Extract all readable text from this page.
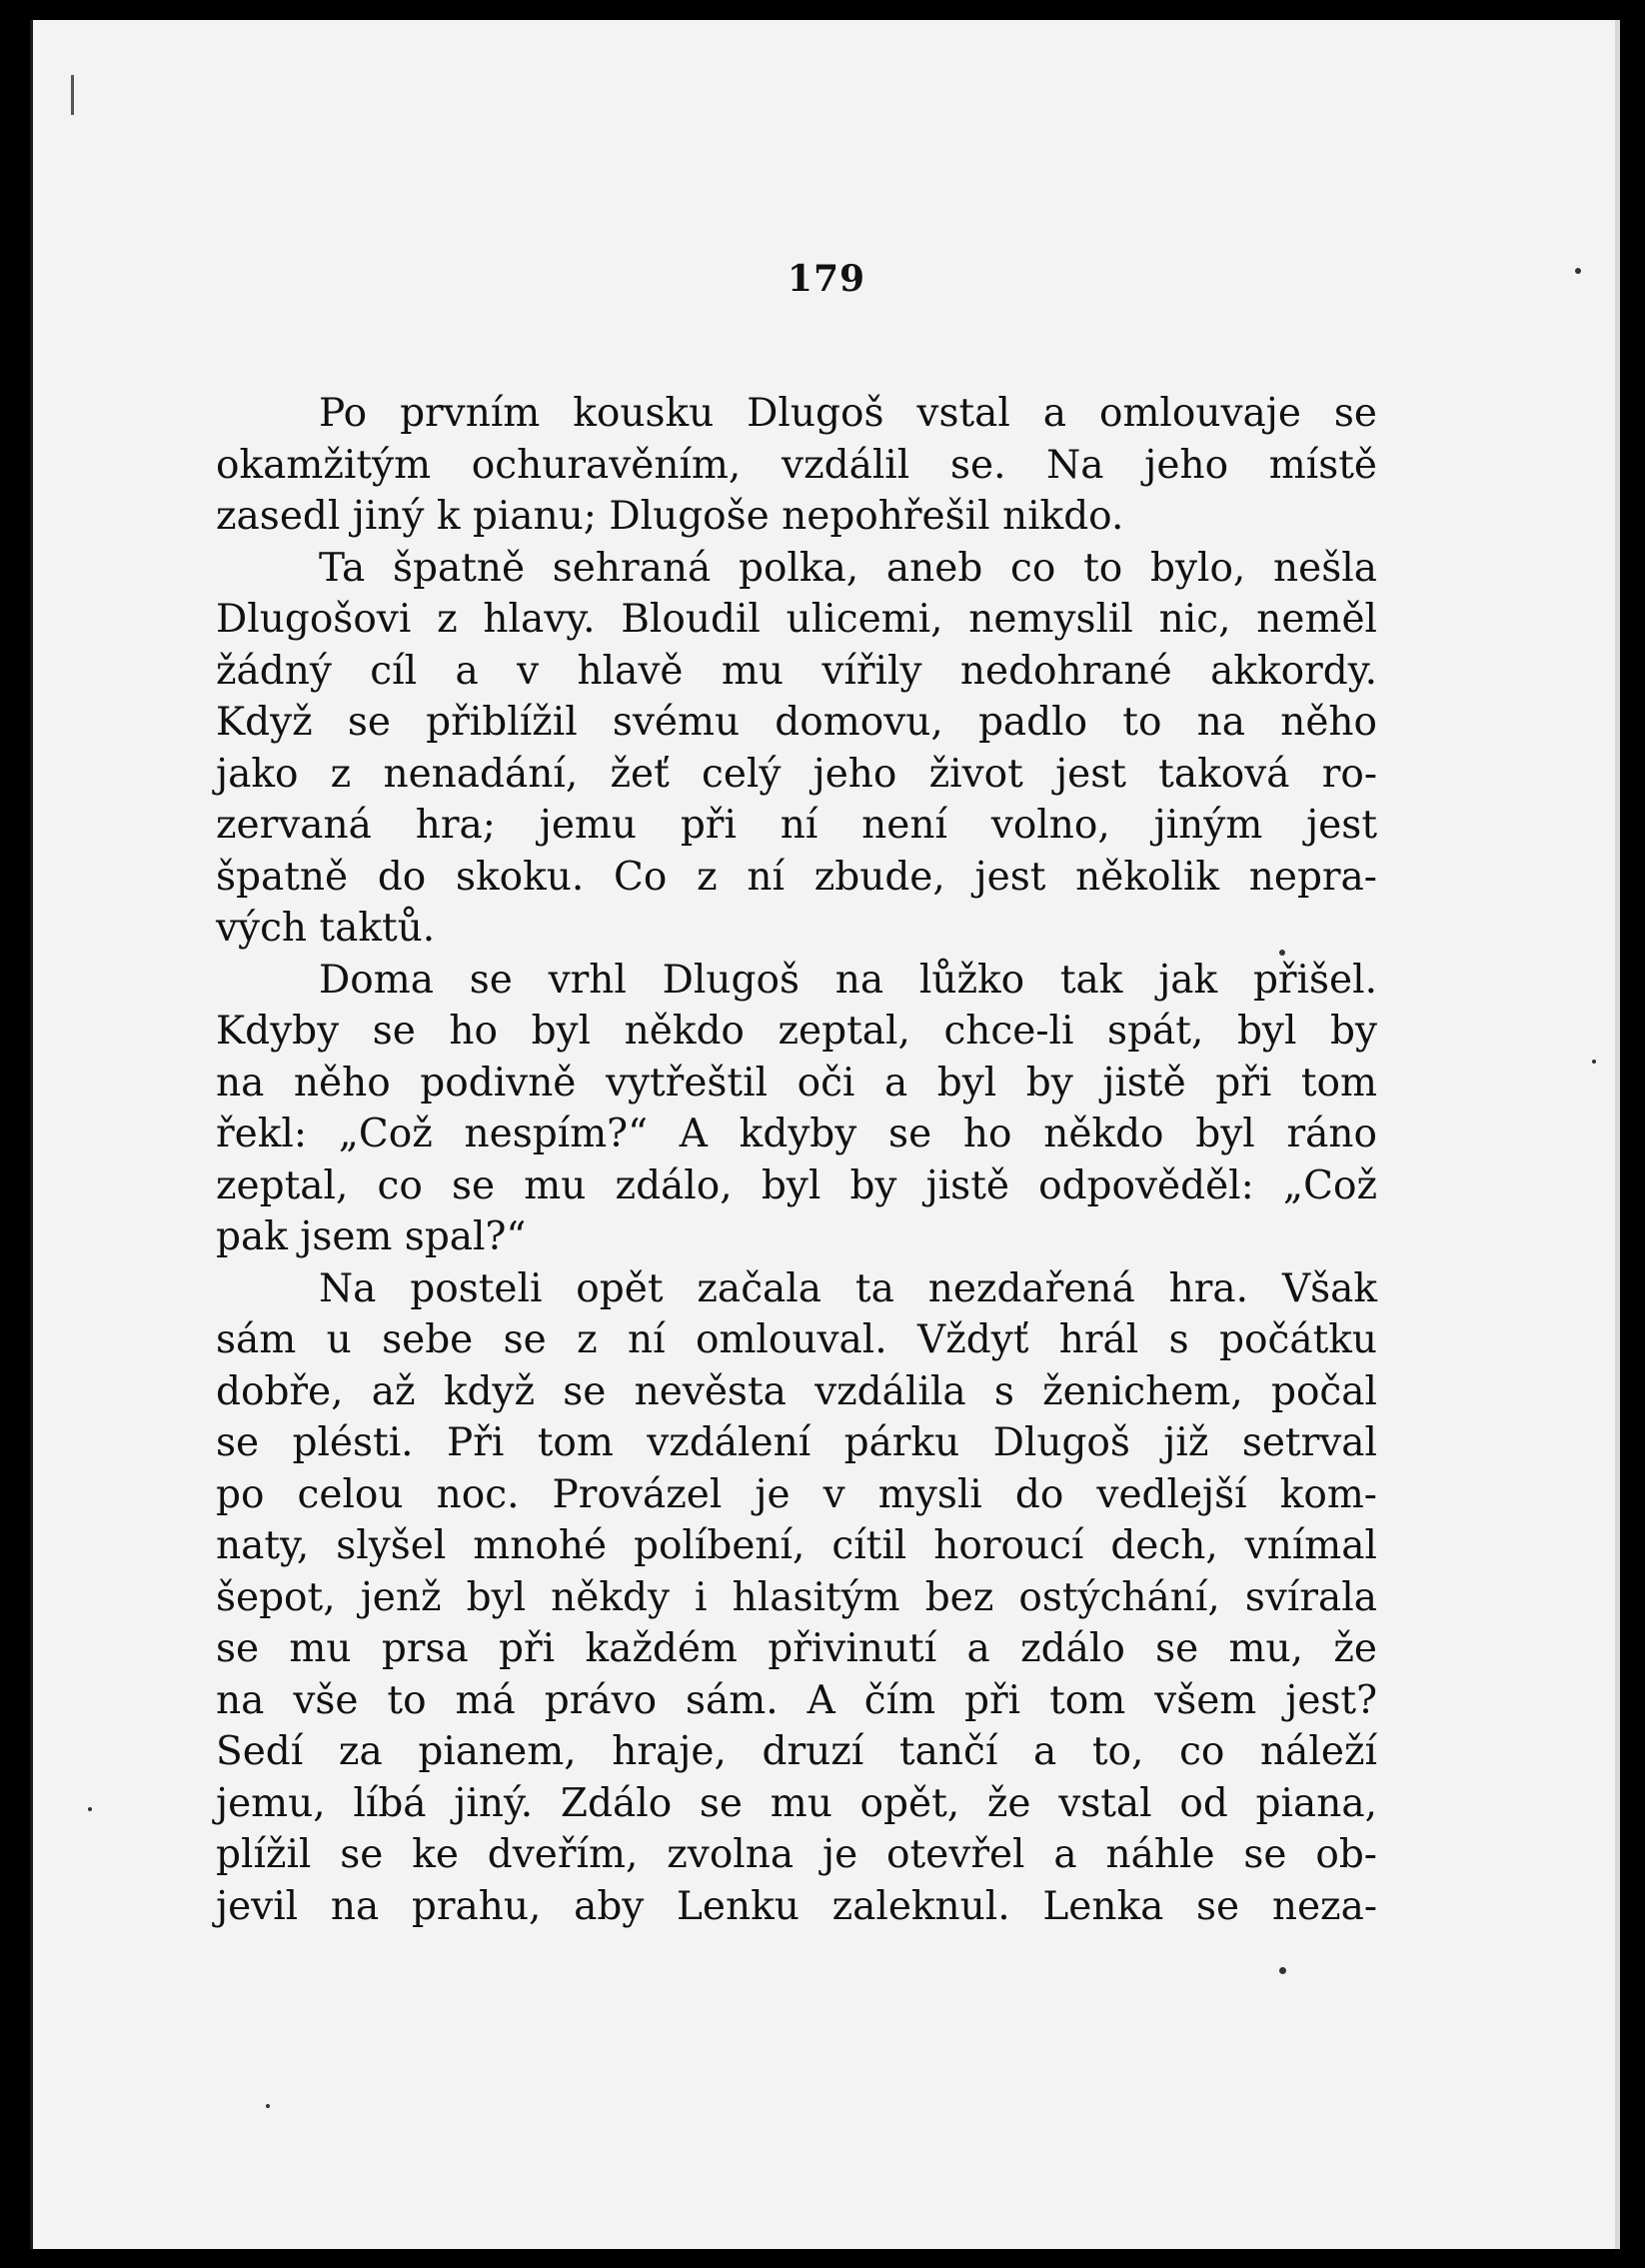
179
Po prvním kousku Dlugoš vstal a omlouvaje se
okamžitým ochuravěním, vzdálil se. Na jeho místě
zasedl jiný k pianu; Dlugoše nepohřešil nikdo.
Ta špatně sehraná polka, aneb co to bylo, nešla
Dlugošovi z hlavy. Bloudil ulicemi, nemyslil nic, neměl
žádný cíl a v hlavě mu vířily nedohrané akkordy.
Když se přiblížil svému domovu, padlo to na něho
jako z nenadání, žeť celý jeho život jest taková ro-
zervaná hra; jemu při ní není volno, jiným jest
špatně do skoku. Co z ní zbude, jest několik nepra-
vých taktů.
Doma se vrhl Dlugoš na lůžko tak jak přišel.
Kdyby se ho byl někdo zeptal, chce-li spát, byl by
na něho podivně vytřeštil oči a byl by jistě při tom
řekl: „Což nespím?“ A kdyby se ho někdo byl ráno
zeptal, co se mu zdálo, byl by jistě odpověděl: „Což
pak jsem spal?“
Na posteli opět začala ta nezdařená hra. Však
sám u sebe se z ní omlouval. Vždyť hrál s počátku
dobře, až když se nevěsta vzdálila s ženichem, počal
se plésti. Při tom vzdálení párku Dlugoš již setrval
po celou noc. Provázel je v mysli do vedlejší kom-
naty, slyšel mnohé políbení, cítil horoucí dech, vnímal
šepot, jenž byl někdy i hlasitým bez ostýchání, svírala
se mu prsa při každém přivinutí a zdálo se mu, že
na vše to má právo sám. A čím při tom všem jest?
Sedí za pianem, hraje, druzí tančí a to, co náleží
jemu, líbá jiný. Zdálo se mu opět, že vstal od piana,
plížil se ke dveřím, zvolna je otevřel a náhle se ob-
jevil na prahu, aby Lenku zaleknul. Lenka se neza-
